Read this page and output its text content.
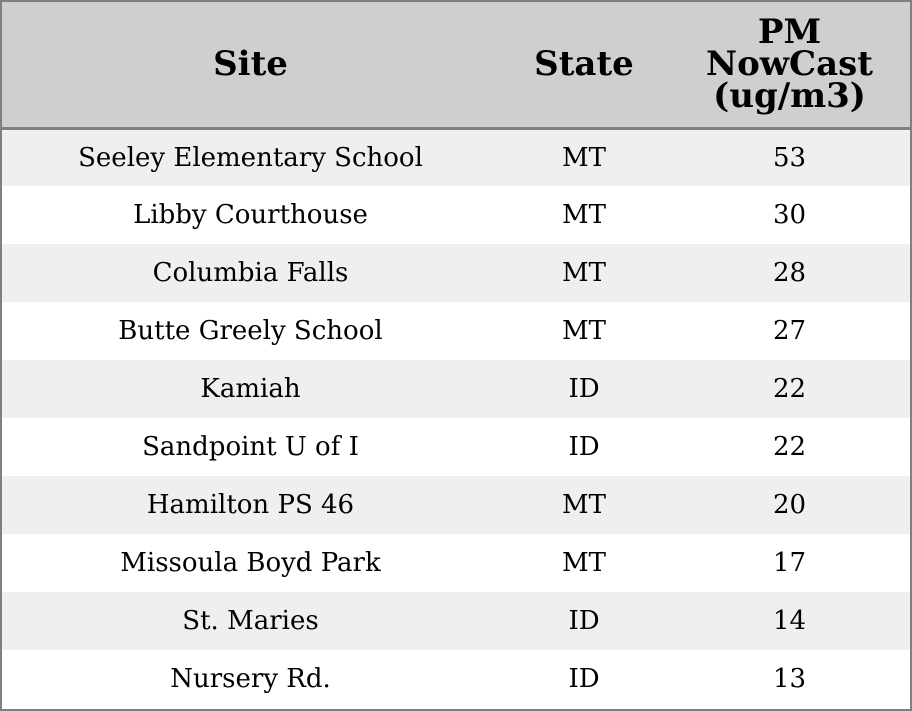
Site	State	PM
NowCast
(ug/m3)
Seeley Elementary School	MT	53
Libby Courthouse	MT	30
Columbia Falls	MT	28
Butte Greely School	MT	27
Kamiah	ID	22
Sandpoint U of I	ID	22
Hamilton PS 46	MT	20
Missoula Boyd Park	MT	17
St. Maries	ID	14
Nursery Rd.	ID	13
